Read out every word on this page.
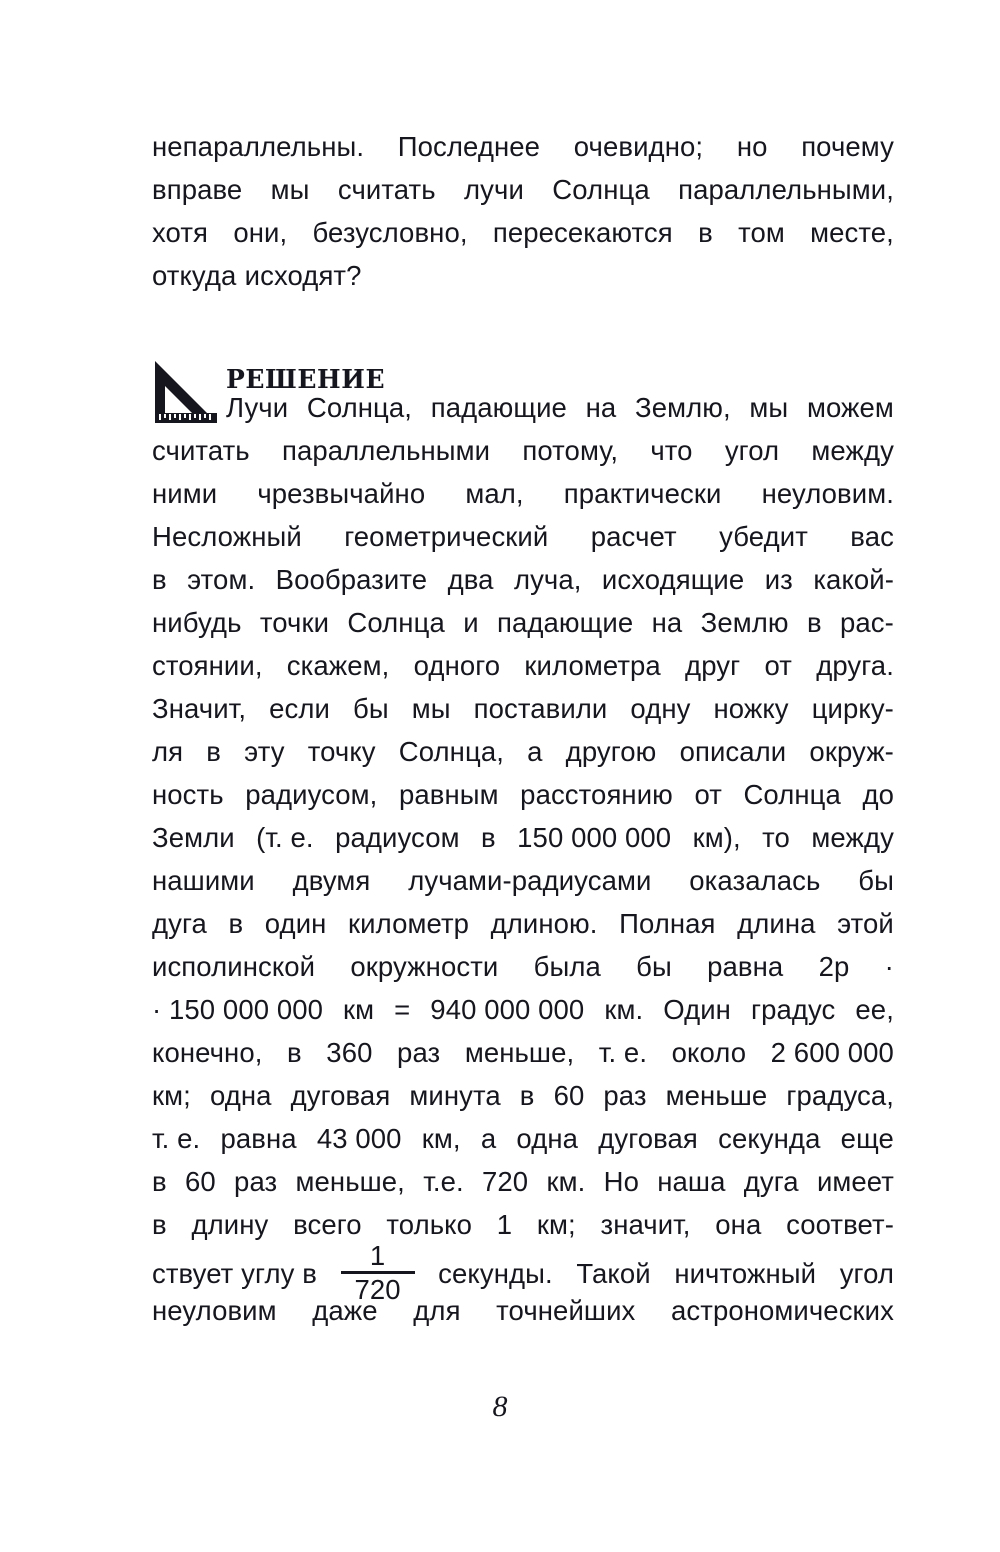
непараллельны. Последнее очевидно; но почему
вправе мы считать лучи Солнца параллельными,
хотя они, безусловно, пересекаются в том месте,
откуда исходят?
РЕШЕНИЕ
Лучи Солнца, падающие на Землю, мы можем
считать параллельными потому, что угол между
ними чрезвычайно мал, практически неуловим.
Несложный геометрический расчет убедит вас
в этом. Вообразите два луча, исходящие из какой-
нибудь точки Солнца и падающие на Землю в рас-
стоянии, скажем, одного километра друг от друга.
Значит, если бы мы поставили одну ножку цирку-
ля в эту точку Солнца, а другою описали окруж-
ность радиусом, равным расстоянию от Солнца до
Земли (т. е. радиусом в 150 000 000 км), то между
нашими двумя лучами-радиусами оказалась бы
дуга в один километр длиною. Полная длина этой
исполинской окружности была бы равна 2р ·
· 150 000 000 км = 940 000 000 км. Один градус ее,
конечно, в 360 раз меньше, т. е. около 2 600 000
км; одна дуговая минута в 60 раз меньше градуса,
т. е. равна 43 000 км, а одна дуговая секунда еще
в 60 раз меньше, т.е. 720 км. Но наша дуга имеет
в длину всего только 1 км; значит, она соответ-
ствует углу в $\frac{1}{720}$ секунды. Такой ничтожный угол
неуловим даже для точнейших астрономических
8
